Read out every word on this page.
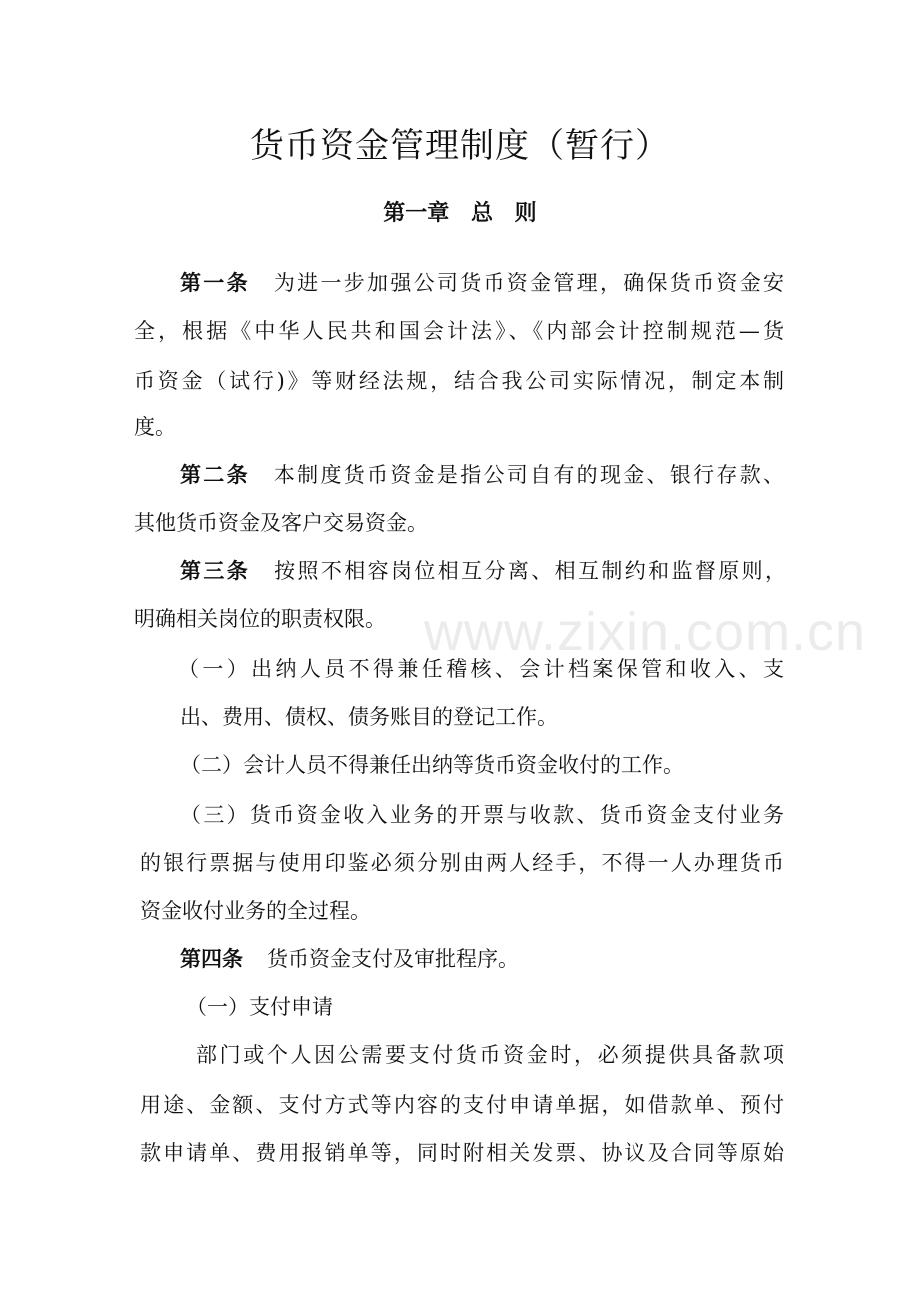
货币资金管理制度（暂行）
第一章 总 则
第一条 为进一步加强公司货币资金管理，确保货币资金安
全，根据《中华人民共和国会计法》、《内部会计控制规范—货
币资金（试行)》等财经法规，结合我公司实际情况，制定本制
度。
第二条 本制度货币资金是指公司自有的现金、银行存款、
其他货币资金及客户交易资金。
第三条 按照不相容岗位相互分离、相互制约和监督原则，
明确相关岗位的职责权限。
（一）出纳人员不得兼任稽核、会计档案保管和收入、支
出、费用、债权、债务账目的登记工作。
（二）会计人员不得兼任出纳等货币资金收付的工作。
（三）货币资金收入业务的开票与收款、货币资金支付业务
的银行票据与使用印鉴必须分别由两人经手，不得一人办理货币
资金收付业务的全过程。
第四条 货币资金支付及审批程序。
（一）支付申请
部门或个人因公需要支付货币资金时，必须提供具备款项
用途、金额、支付方式等内容的支付申请单据，如借款单、预付
款申请单、费用报销单等，同时附相关发票、协议及合同等原始
www.zixin.com.cn
